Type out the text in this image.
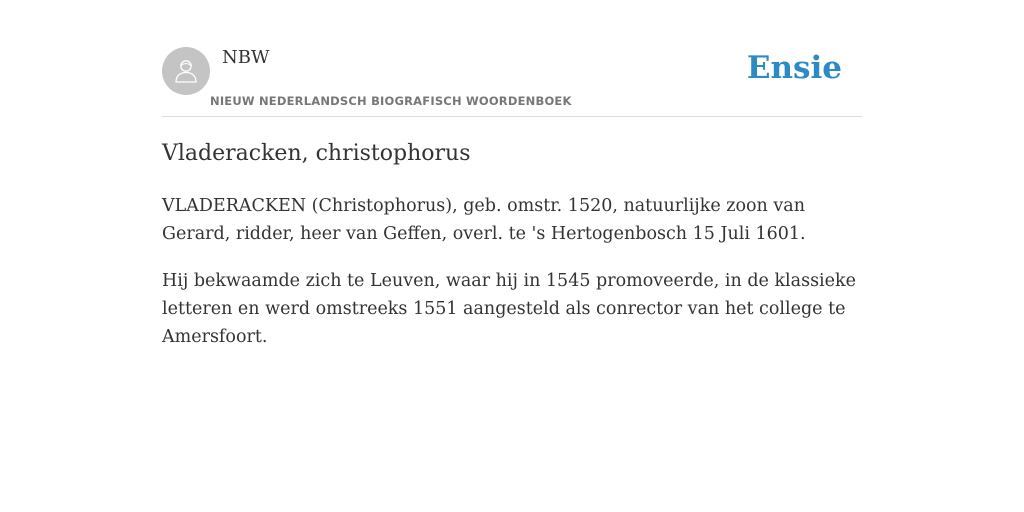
NBW
NIEUW NEDERLANDSCH BIOGRAFISCH WOORDENBOEK
Ensie
Vladeracken, christophorus

VLADERACKEN (Christophorus), geb. omstr. 1520, natuurlijke zoon van Gerard, ridder, heer van Geffen, overl. te 's Hertogenbosch 15 Juli 1601.

Hij bekwaamde zich te Leuven, waar hij in 1545 promoveerde, in de klassieke letteren en werd omstreeks 1551 aangesteld als conrector van het college te Amersfoort.
